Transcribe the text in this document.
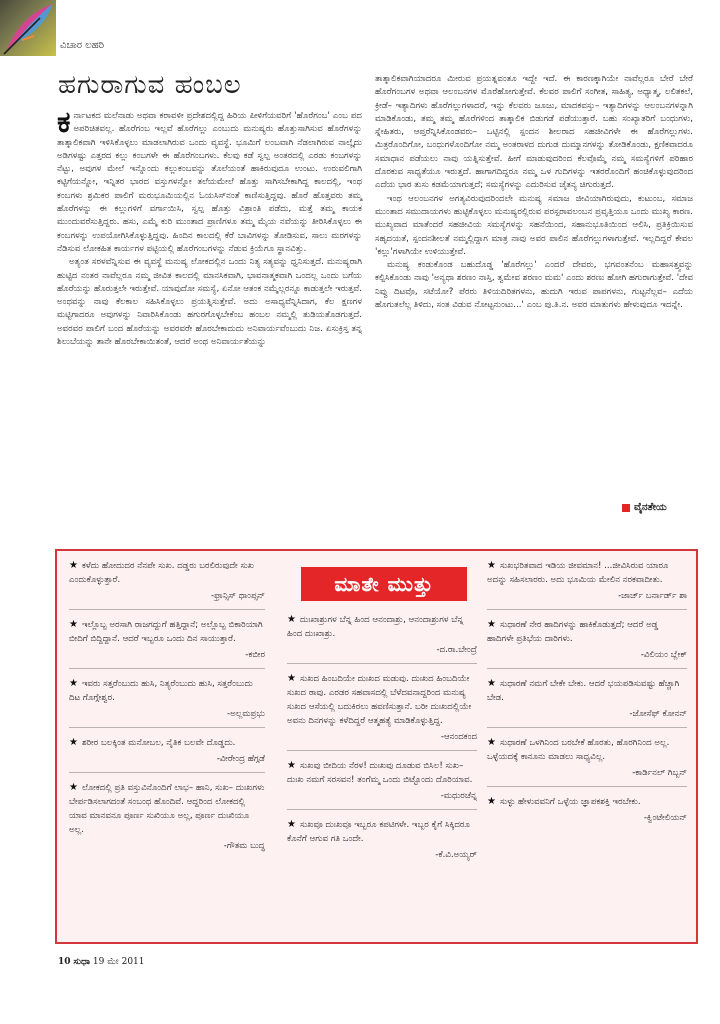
ವಿಚಾರ ಲಹರಿ
ಹಗುರಾಗುವ ಹಂಬಲ

ಕರ್ನಾಟಕದ ಮಲೆನಾಡು ಅಥವಾ ಕರಾವಳೀ ಪ್ರದೇಶದಲ್ಲಿದ್ದ ಹಿರಿಯ ಪೀಳಿಗೆಯವರಿಗೆ 'ಹೊರೆಗಂಬ' ಎಂಬ ಪದ ಅಪರಿಚಿತವಲ್ಲ. ಹೊರೆಗಂಬ ಇಲ್ಲವೆ ಹೊರೆಗಲ್ಲು ಎಂಬುದು ಮನುಷ್ಯರು ಹೊತ್ತುಸಾಗಿಸುವ ಹೊರೆಗಳನ್ನು ತಾತ್ಕಾಲಿಕವಾಗಿ ಇಳಿಸಿಕೊಳ್ಳಲು ಮಾಡಲಾಗಿರುವ ಒಂದು ವ್ಯವಸ್ಥೆ. ಭೂಮಿಗೆ ಲಂಬವಾಗಿ ನೆಡಲಾಗಿರುವ ನಾಲ್ಕೈದು ಅಡಿಗಳಷ್ಟು ಎತ್ತರದ ಕಲ್ಲು ಕಂಬಗಳೇ ಈ ಹೊರೆಗಂಬಗಳು. ಕೆಲವು ಕಡೆ ಸ್ವಲ್ಪ ಅಂತರದಲ್ಲಿ ಎರಡು ಕಂಬಗಳನ್ನು ನೆಟ್ಟು, ಅವುಗಳ ಮೇಲೆ ಇನ್ನೊಂದು ಕಲ್ಲುಕಂಬವನ್ನು ತೊಲೆಯಂತೆ ಹಾಕಿರುವುದೂ ಉಂಟು. ಉರುವಲಿಗಾಗಿ ಕಟ್ಟಿಗೆಯನ್ನೋ, ಇನ್ನಿತರ ಭಾರದ ವಸ್ತುಗಳನ್ನೋ ತಲೆಯಮೇಲೆ ಹೊತ್ತು ಸಾಗಿಸಬೇಕಾಗಿದ್ದ ಕಾಲದಲ್ಲಿ, ಇಂಥ ಕಂಬಗಳು ಶ್ರಮಿಕರ ಪಾಲಿಗೆ ಮರುಭೂಮಿಯಲ್ಲಿನ ಓಯಸಿಸ್‌ನಂತೆ ಕಾಣಿಸುತ್ತಿದ್ದವು. ಹೊರೆ ಹೊತ್ತವರು ತಮ್ಮ ಹೊರೆಗಳನ್ನು ಈ ಕಲ್ಲುಗಳಿಗೆ ವರ್ಗಾಯಿಸಿ, ಸ್ವಲ್ಪ ಹೊತ್ತು ವಿಶ್ರಾಂತಿ ಪಡೆದು, ಮತ್ತೆ ತಮ್ಮ ಕಾಯಕ ಮುಂದುವರೆಸುತ್ತಿದ್ದರು. ಹಸು, ಎಮ್ಮೆ ಕುರಿ ಮುಂತಾದ ಪ್ರಾಣಿಗಳೂ ತಮ್ಮ ಮೈಯ ನವೆಯನ್ನು ತೀರಿಸಿಕೊಳ್ಳಲು ಈ ಕಂಬಗಳನ್ನು ಉಪಯೋಗಿಸಿಕೊಳ್ಳುತ್ತಿದ್ದವು. ಹಿಂದಿನ ಕಾಲದಲ್ಲಿ ಕೆರೆ ಬಾವಿಗಳನ್ನು ತೋಡಿಸುವ, ಸಾಲು ಮರಗಳನ್ನು ನೆಡಿಸುವ ಲೋಕಹಿತ ಕಾರ್ಯಗಳ ಪಟ್ಟಿಯಲ್ಲಿ ಹೊರೆಗಂಬಗಳನ್ನು ನೆಡುವ ಕ್ರಿಯೆಗೂ ಸ್ಥಾನವಿತ್ತು.

ಅತ್ಯಂತ ಸರಳವೆನ್ನಿಸುವ ಈ ವ್ಯವಸ್ಥೆ ಮನುಷ್ಯ ಲೋಕದಲ್ಲಿನ ಒಂದು ನಿತ್ಯ ಸತ್ಯವನ್ನು ಧ್ವನಿಸುತ್ತದೆ. ಮನುಷ್ಯರಾಗಿ ಹುಟ್ಟಿದ ನಂತರ ನಾವೆಲ್ಲರೂ ನಮ್ಮ ಜೀವಿತ ಕಾಲದಲ್ಲಿ ಮಾನಸಿಕವಾಗಿ, ಭಾವನಾತ್ಮಕವಾಗಿ ಒಂದಲ್ಲ ಒಂದು ಬಗೆಯ ಹೊರೆಯನ್ನು ಹೊರುತ್ತಲೇ ಇರುತ್ತೇವೆ. ಯಾವುದೋ ಸಮಸ್ಯೆ, ಏನೋ ಆತಂಕ ನಮ್ಮೆಲ್ಲರನ್ನೂ ಕಾಡುತ್ತಲೇ ಇರುತ್ತವೆ. ಅಂಥವನ್ನು ನಾವು ಕೆಲಕಾಲ ಸಹಿಸಿಕೊಳ್ಳಲು ಪ್ರಯತ್ನಿಸುತ್ತೇವೆ. ಅದು ಅಸಾಧ್ಯವೆನ್ನಿಸಿದಾಗ, ಕೆಲ ಕ್ಷಣಗಳ ಮಟ್ಟಿಗಾದರೂ ಅವುಗಳನ್ನು ನಿವಾರಿಸಿಕೊಂಡು ಹಗುರಗೊಳ್ಳಬೇಕೆಂಬ ಹಂಬಲ ನಮ್ಮಲ್ಲಿ ತುಡಿಯತೊಡಗುತ್ತದೆ. ಅವರವರ ಪಾಲಿಗೆ ಬಂದ ಹೊರೆಯನ್ನು ಅವರವರೇ ಹೊರಬೇಕಾದುದು ಅನಿವಾರ್ಯವೆಂಬುದು ನಿಜ. ಏಸುಕ್ರಿಸ್ತ ತನ್ನ ಶಿಲುಬೆಯನ್ನು ತಾನೇ ಹೊರಬೇಕಾಯಿತಂತೆ, ಆದರೆ ಅಂಥ ಅನಿವಾರ್ಯತೆಯನ್ನು

ತಾತ್ಕಾಲಿಕವಾಗಿಯಾದರೂ ಮೀರುವ ಪ್ರಯತ್ನವಂತೂ ಇದ್ದೇ ಇದೆ. ಈ ಕಾರಣಕ್ಕಾಗಿಯೇ ನಾವೆಲ್ಲರೂ ಬೇರೆ ಬೇರೆ ಹೊರೆಗಂಬಗಳ ಅಥವಾ ಆಲಂಬನಗಳ ಮೊರೆಹೋಗುತ್ತೇವೆ. ಕೆಲವರ ಪಾಲಿಗೆ ಸಂಗೀತ, ಸಾಹಿತ್ಯ, ಅಧ್ಯಾತ್ಮ, ಲಲಿತಕಲೆ, ಕ್ರೀಡೆ– ಇತ್ಯಾದಿಗಳು ಹೊರೆಗಲ್ಲುಗಳಾದರೆ, ಇನ್ನು ಕೆಲವರು ಜೂಜು, ಮಾದಕವಸ್ತು– ಇತ್ಯಾದಿಗಳನ್ನು ಆಲಂಬನಗಳನ್ನಾಗಿ ಮಾಡಿಕೊಂಡು, ತಮ್ಮ ತಮ್ಮ ಹೊರೆಗಳಿಂದ ತಾತ್ಕಾಲಿಕ ಬಿಡುಗಡೆ ಪಡೆಯುತ್ತಾರೆ. ಬಹು ಸಂಖ್ಯಾತರಿಗೆ ಬಂಧುಗಳು, ಸ್ನೇಹಿತರು, ಆಪ್ತರೆನ್ನಿಸಿಕೊಂಡವರು– ಒಟ್ಟಿನಲ್ಲಿ ಸ್ಪಂದನ ಶೀಲರಾದ ಸಹಜೀವಿಗಳೇ ಈ ಹೊರೆಗಲ್ಲುಗಳು. ಮಿತ್ರರೊಂದಿಗೋ, ಬಂಧುಗಳೊಂದಿಗೋ ನಮ್ಮ ಅಂತರಾಳದ ದುಗುಡ ದುಮ್ಮಾನಗಳನ್ನು ತೋಡಿಕೊಂಡು, ಕ್ಷಣಿಕವಾದರೂ ಸಮಾಧಾನ ಪಡೆಯಲು ನಾವು ಯತ್ನಿಸುತ್ತೇವೆ. ಹೀಗೆ ಮಾಡುವುದರಿಂದ ಕೆಲವೊಮ್ಮೆ ನಮ್ಮ ಸಮಸ್ಯೆಗಳಿಗೆ ಪರಿಹಾರ ದೊರಕುವ ಸಾಧ್ಯತೆಯೂ ಇರುತ್ತದೆ. ಹಾಗಾಗದಿದ್ದರೂ ನಮ್ಮ ಒಳ ಗುದಿಗಳನ್ನು ಇತರರೊಂದಿಗೆ ಹಂಚಿಕೊಳ್ಳುವುದರಿಂದ ಎದೆಯ ಭಾರ ತುಸು ಕಡಮೆಯಾಗುತ್ತದೆ; ಸಮಸ್ಯೆಗಳನ್ನು ಎದುರಿಸುವ ಚೈತನ್ಯ ಚಿಗುರುತ್ತದೆ.

ಇಂಥ ಆಲಂಬನಗಳ ಅಗತ್ಯವಿರುವುದರಿಂದಲೇ ಮನುಷ್ಯ ಸಮಾಜ ಜೀವಿಯಾಗಿರುವುದು, ಕುಟುಂಬ, ಸಮಾಜ ಮುಂತಾದ ಸಮುದಾಯಗಳು ಹುಟ್ಟಿಕೊಳ್ಳಲು ಮನುಷ್ಯರಲ್ಲಿರುವ ಪರಸ್ಪರಾವಲಂಬನ ಪ್ರವೃತ್ತಿಯೂ ಒಂದು ಮುಖ್ಯ ಕಾರಣ. ಮುಖ್ಯವಾದ ಮಾತೆಂದರೆ ಸಹಜೀವಿಯ ಸಮಸ್ಯೆಗಳನ್ನು ಸಹನೆಯಿಂದ, ಸಹಾನುಭೂತಿಯಿಂದ ಆಲಿಸಿ, ಪ್ರತಿಕ್ರಿಯಿಸುವ ಸಹೃದಯತೆ, ಸ್ಪಂದನಶೀಲತೆ ನಮ್ಮಲ್ಲಿದ್ದಾಗ ಮಾತ್ರ ನಾವು ಅವರ ಪಾಲಿನ ಹೊರೆಗಲ್ಲುಗಳಾಗುತ್ತೇವೆ. ಇಲ್ಲದಿದ್ದರೆ ಕೇವಲ 'ಕಲ್ಲು'ಗಳಾಗಿಯೇ ಉಳಿಯುತ್ತೇವೆ.

ಮನುಷ್ಯ ಕಂಡುಕೊಂಡ ಬಹುದೊಡ್ಡ 'ಹೊರೆಗಲ್ಲು' ಎಂದರೆ ದೇವರು, ಭಗವಂತನೆಂಬ ಮಹಾಸತ್ತ್ವವನ್ನು ಕಲ್ಪಿಸಿಕೊಂಡು ನಾವು 'ಅನ್ಯಥಾ ಶರಣಂ ನಾಸ್ತಿ, ತ್ವಮೇವ ಶರಣಂ ಮಮ' ಎಂದು ಶರಣು ಹೋಗಿ ಹಗುರಾಗುತ್ತೇವೆ. 'ದೇವ ನಿವ್ವು ದಿಟವೊ, ಸಟೆಯೋ? ಪೆರರು ತಿಳಿಯದಿರಿತಗಳನು, ಹುದುಗಿ ಇರುವ ಪಾಪಗಳನು, ಗುಟ್ಟನೆಲ್ಲವ– ಎದೆಯ ಹೊಗುತಲೆಲ್ಲ ತಿಳಿದು, ಸಂತ ವಿಡುವ ನೋಟ್ಟನುಂಟು...' ಎಂಬ ಪು.ತಿ.ನ. ಅವರ ಮಾತುಗಳು ಹೇಳುವುದೂ ಇದನ್ನೇ.

ವೈನತೇಯ
★ ಕಳೆದು ಹೋದುದರ ನೆನಪೇ ಸುಖ. ದಡ್ಡರು ಬರಲಿರುವುದೇ ಸುಖ ಎಂದುಕೊಳ್ಳುತ್ತಾರೆ.
-ಫ್ರಾನ್ಸಿಸ್ ಥಾಂಪ್ಸನ್
★ ಇಲ್ಲೊಬ್ಬ ಅರಸಾಗಿ ರಾಜಗದ್ದುಗೆ ಹತ್ತಿದ್ದಾನೆ; ಅಲ್ಲೊಬ್ಬ ಬಿಕಾರಿಯಾಗಿ ಬೀದಿಗೆ ಬಿದ್ದಿದ್ದಾನೆ. ಆದರೆ ಇಬ್ಬರೂ ಒಂದು ದಿನ ಸಾಯುತ್ತಾರೆ.
-ಕಬೀರ
★ ಇವರು ಸತ್ತರೆಂಬುದು ಹುಸಿ, ನಿತ್ಯರೆಂಬುದು ಹುಸಿ, ಸತ್ತರೆಂಬುದು ದಿಟ ಗೊಗ್ಗೇಶ್ವರ.
-ಅಲ್ಲಮಪ್ರಭು
★ ಶರೀರ ಬಲಕ್ಕಿಂತ ಮನೋಬಲ, ನೈತಿಕ ಬಲವೇ ದೊಡ್ಡದು.
-ವೀರೇಂದ್ರ ಹೆಗ್ಗಡೆ
★ ಲೋಕದಲ್ಲಿ ಪ್ರತಿ ವಸ್ತುವಿನೊಂದಿಗೆ ಲಾಭ– ಹಾನಿ, ಸುಖ– ದುಃಖಗಳು ಬೇರ್ಪಡಿಸಲಾಗದಂತೆ ಸಂಬಂಧ ಹೊಂದಿವೆ. ಆದ್ದರಿಂದ ಲೋಕದಲ್ಲಿ ಯಾವ ಮಾನವನೂ ಪೂರ್ಣ ಸುಖಿಯೂ ಅಲ್ಲ, ಪೂರ್ಣ ದುಃಖಿಯೂ ಅಲ್ಲ.
-ಗೌತಮ ಬುದ್ಧ
ಮಾತೇ ಮುತ್ತು
★ ದುಃಖಾಶ್ರುಗಳ ಬೆನ್ನ ಹಿಂದ ಆನಂದಾಶ್ರು, ಆನಂದಾಶ್ರುಗಳ ಬೆನ್ನ ಹಿಂದ ದುಃಖಾಶ್ರು.
-ದ.ರಾ.ಬೇಂದ್ರೆ
★ ಸುಖದ ಹಿಂಬದಿಯೇ ದುಃಖದ ಮಡುವು. ದುಃಖದ ಹಿಂಬದಿಯೇ ಸುಖದ ಠಾವು. ಎರಡರ ಸಹವಾಸದಲ್ಲಿ ಬೆಳೆದವನಾದ್ದರಿಂದ ಮನುಷ್ಯ ಸುಖದ ಆಸೆಯಲ್ಲಿ ಬದುಕಿರಲು ಹವಣಿಸುತ್ತಾನೆ. ಬರೀ ದುಃಖದಲ್ಲಿಯೇ ಅವನು ದಿನಗಳನ್ನು ಕಳೆದಿದ್ದರೆ ಆತ್ಮಹತ್ಯೆ ಮಾಡಿಕೊಳ್ಳುತ್ತಿದ್ದ.
-ಆನಂದಕಂದ
★ ಸುಖವು ಬೀದಿಯ ನೆರಳ! ದುಃಖವು ದೂಡುವ ಬಿಸಿಲ! ಸುಖ– ದುಃಖ ನಮಗೆ ಸರಸವನ! ತಂಗೆಮ್ಮ ಒಂದು ಬಿಟ್ಟೊಂದು ದೊರಿಯಾವ.
-ಮಧುರಚೆನ್ನ
★ ಸುಖವೂ ದುಃಖವೂ ಇಬ್ಬರೂ ಕಪಟಿಗಳೇ. ಇಬ್ಬರ ಕೈಗೆ ಸಿಕ್ಕಿದರೂ ಕೊನೆಗೆ ಆಗುವ ಗತಿ ಒಂದೇ.
-ಕೆ.ವಿ.ಅಯ್ಯರ್
★ ಸುಖಭರಿತವಾದ ಇಡಿಯ ಜೀವಮಾನ! ...ಜೀವಿಸಿರುವ ಯಾರೂ ಅದನ್ನು ಸಹಿಸಲಾರರು. ಅದು ಭೂಮಿಯ ಮೇಲಿನ ನರಕವಾದೀತು.
-ಜಾರ್ಜ್ ಬರ್ನಾರ್ಡ್ ಶಾ
★ ಸುಧಾರಣೆ ನೇರ ಹಾದಿಗಳನ್ನು ಹಾಕಿಕೊಡುತ್ತದೆ; ಆದರೆ ಅಡ್ಡ ಹಾದಿಗಳೇ ಪ್ರತಿಭೆಯ ದಾರಿಗಳು.
-ವಿಲಿಯಂ ಬ್ಲೇಕ್
★ ಸುಧಾರಣೆ ನಮಗೆ ಬೇಕೇ ಬೇಕು. ಆದರೆ ಭಯಪಡಿಸುವಷ್ಟು ಹೆಚ್ಚಾಗಿ ಬೇಡ.
-ಜೋಸೆಫ್ ಕೋನನ್
★ ಸುಧಾರಣೆ ಒಳಗಿನಿಂದ ಬರಬೇಕೆ ಹೊರತು, ಹೊರಗಿನಿಂದ ಅಲ್ಲ. ಒಳ್ಳೆಯದಕ್ಕೆ ಕಾನೂನು ಮಾಡಲು ಸಾಧ್ಯವಿಲ್ಲ.
-ಕಾರ್ಡಿನಲ್ ಗಿಬ್ಬನ್
★ ಸುಳ್ಳು ಹೇಳುವವನಿಗೆ ಒಳ್ಳೆಯ ಜ್ಞಾಪಕಶಕ್ತಿ ಇರಬೇಕು.
-ಕ್ವಿಂಟೇಲಿಯನ್
10 ಸುಧಾ 19 ಮೇ 2011
